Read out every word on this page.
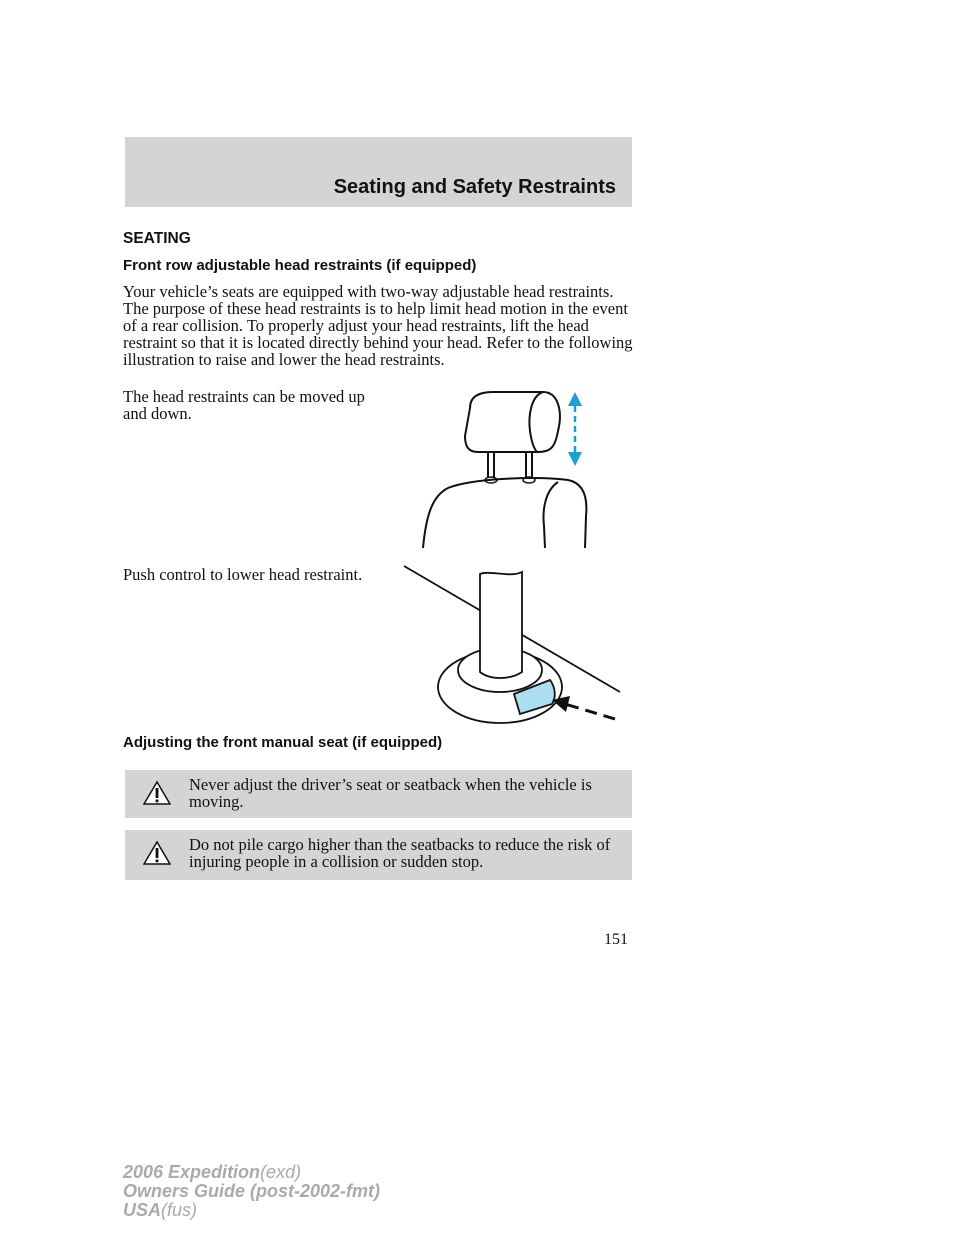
Seating and Safety Restraints
SEATING
Front row adjustable head restraints (if equipped)
Your vehicle’s seats are equipped with two-way adjustable head restraints. The purpose of these head restraints is to help limit head motion in the event of a rear collision. To properly adjust your head restraints, lift the head restraint so that it is located directly behind your head. Refer to the following illustration to raise and lower the head restraints.
The head restraints can be moved up and down.
Push control to lower head restraint.
Adjusting the front manual seat (if equipped)
Never adjust the driver’s seat or seatback when the vehicle is moving.
Do not pile cargo higher than the seatbacks to reduce the risk of injuring people in a collision or sudden stop.
151
2006 Expedition(exd)
Owners Guide (post-2002-fmt)
USA(fus)
